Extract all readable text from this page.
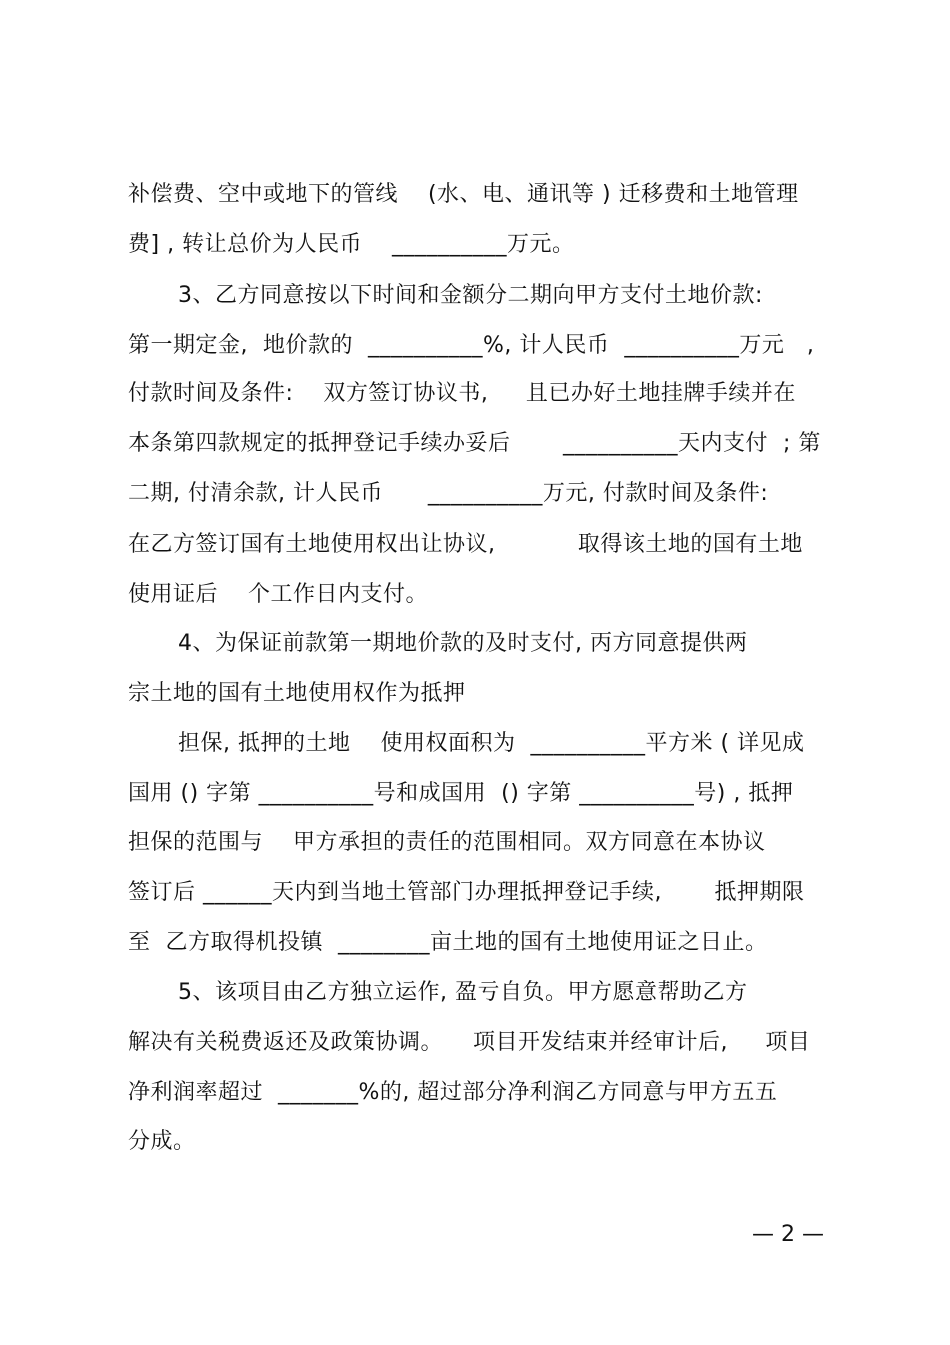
补偿费、空中或地下的管线    (水、电、通讯等 ) 迁移费和土地管理
费] , 转让总价为人民币    __________万元。
3、乙方同意按以下时间和金额分二期向甲方支付土地价款:
第一期定金,  地价款的  __________%, 计人民币  __________万元   ,
付款时间及条件:    双方签订协议书,     且已办好土地挂牌手续并在
本条第四款规定的抵押登记手续办妥后       __________天内支付  ; 第
二期, 付清余款, 计人民币      __________万元, 付款时间及条件:
在乙方签订国有土地使用权出让协议,           取得该土地的国有土地
使用证后    个工作日内支付。
4、为保证前款第一期地价款的及时支付, 丙方同意提供两
宗土地的国有土地使用权作为抵押
担保, 抵押的土地    使用权面积为  __________平方米 ( 详见成
国用 () 字第 __________号和成国用  () 字第 __________号) , 抵押
担保的范围与    甲方承担的责任的范围相同。双方同意在本协议
签订后 ______天内到当地土管部门办理抵押登记手续,       抵押期限
至  乙方取得机投镇  ________亩土地的国有土地使用证之日止。
5、该项目由乙方独立运作, 盈亏自负。甲方愿意帮助乙方
解决有关税费返还及政策协调。    项目开发结束并经审计后,     项目
净利润率超过  _______%的, 超过部分净利润乙方同意与甲方五五
分成。
— 2 —
